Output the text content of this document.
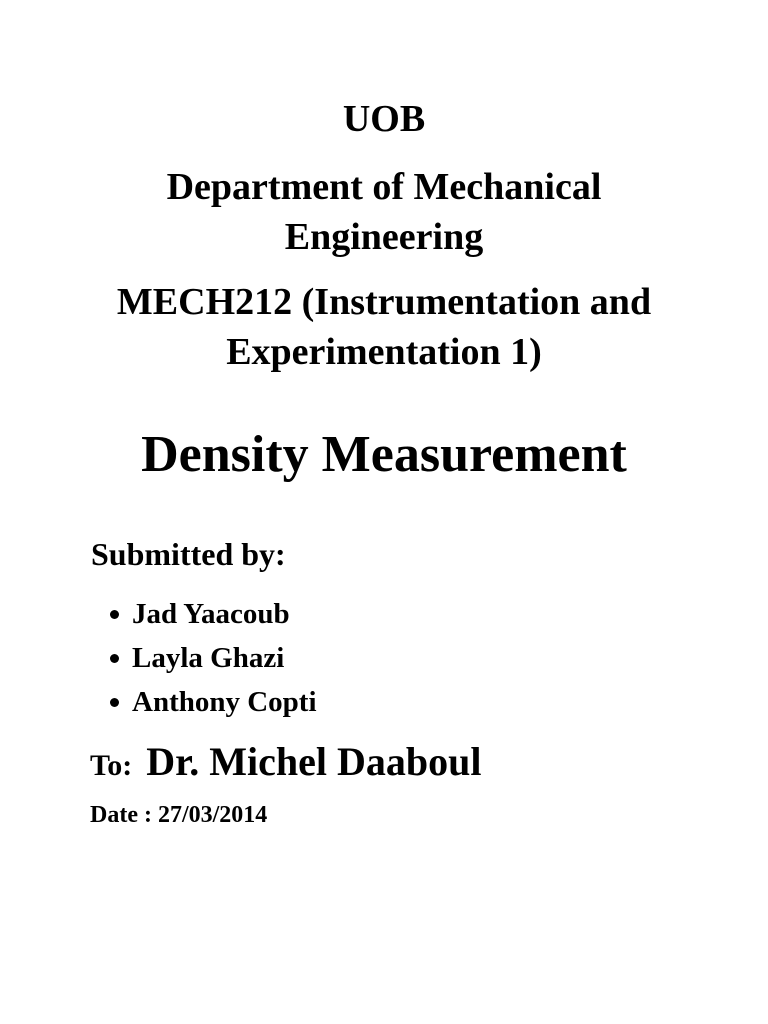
UOB
Department of Mechanical
Engineering
MECH212 (Instrumentation and
Experimentation 1)
Density Measurement
Submitted by:
Jad Yaacoub
Layla Ghazi
Anthony Copti
To: Dr. Michel Daaboul
Date : 27/03/2014
